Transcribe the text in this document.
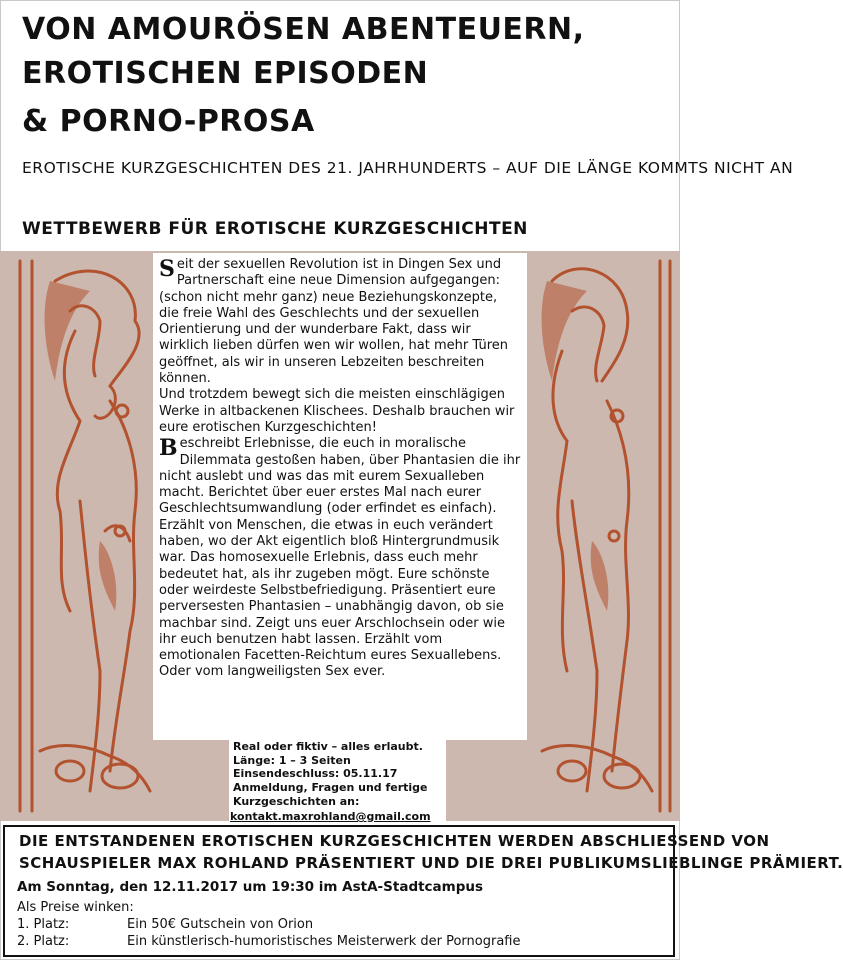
VON AMOURÖSEN ABENTEUERN,
EROTISCHEN EPISODEN
& PORNO-PROSA
EROTISCHE KURZGESCHICHTEN DES 21. JAHRHUNDERTS – AUF DIE LÄNGE KOMMTS NICHT AN
WETTBEWERB FÜR EROTISCHE KURZGESCHICHTEN

Seit der sexuellen Revolution ist in Dingen Sex und Partnerschaft eine neue Dimension aufgegangen: (schon nicht mehr ganz) neue Beziehungskonzepte, die freie Wahl des Geschlechts und der sexuellen Orientierung und der wunderbare Fakt, dass wir wirklich lieben dürfen wen wir wollen, hat mehr Türen geöffnet, als wir in unseren Lebzeiten beschreiten können.

Und trotzdem bewegt sich die meisten einschlägigen Werke in altbackenen Klischees. Deshalb brauchen wir eure erotischen Kurzgeschichten!

Beschreibt Erlebnisse, die euch in moralische Dilemmata gestoßen haben, über Phantasien die ihr nicht auslebt und was das mit eurem Sexualleben macht. Berichtet über euer erstes Mal nach eurer Geschlechtsumwandlung (oder erfindet es einfach). Erzählt von Menschen, die etwas in euch verändert haben, wo der Akt eigentlich bloß Hintergrundmusik war. Das homosexuelle Erlebnis, dass euch mehr bedeutet hat, als ihr zugeben mögt. Eure schönste oder weirdeste Selbstbefriedigung. Präsentiert eure perversesten Phantasien – unabhängig davon, ob sie machbar sind. Zeigt uns euer Arschlochsein oder wie ihr euch benutzen habt lassen. Erzählt vom emotionalen Facetten-Reichtum eures Sexuallebens. Oder vom langweiligsten Sex ever.

Real oder fiktiv – alles erlaubt.
Länge: 1 – 3 Seiten
Einsendeschluss: 05.11.17
Anmeldung, Fragen und fertige
Kurzgeschichten an:
kontakt.maxrohland@gmail.com
DIE ENTSTANDENEN EROTISCHEN KURZGESCHICHTEN WERDEN ABSCHLIESSEND VON
SCHAUSPIELER MAX ROHLAND PRÄSENTIERT UND DIE DREI PUBLIKUMSLIEBLINGE PRÄMIERT.
Am Sonntag, den 12.11.2017 um 19:30 im AstA-Stadtcampus
Als Preise winken:
1. Platz:	Ein 50€ Gutschein von Orion
2. Platz:	Ein künstlerisch-humoristisches Meisterwerk der Pornografie
